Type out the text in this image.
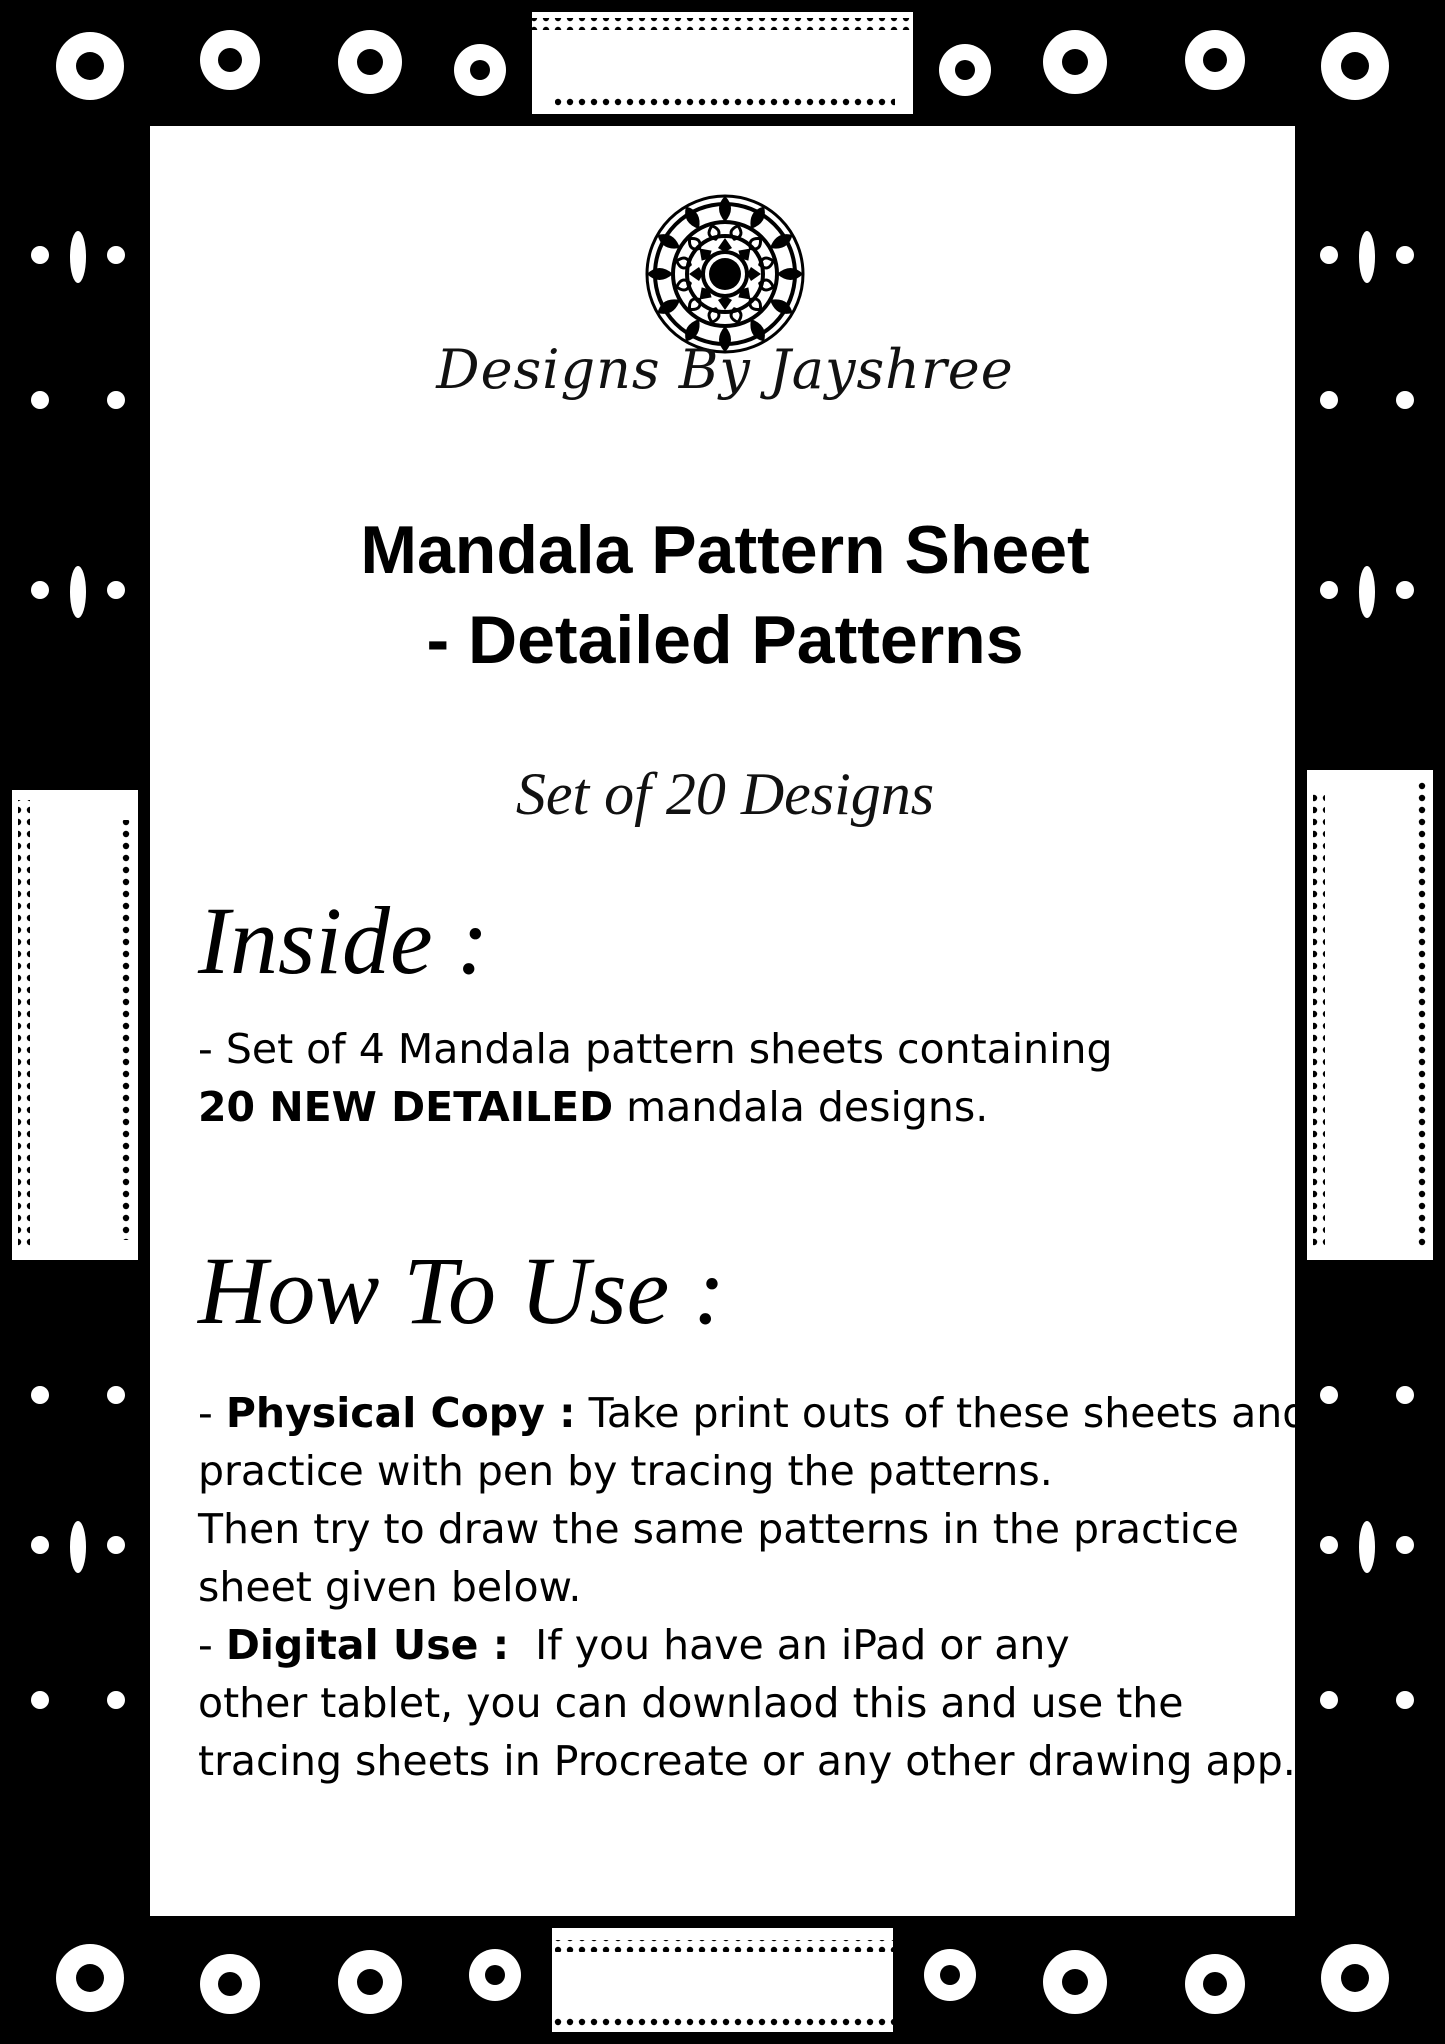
Designs By Jayshree
Mandala Pattern Sheet
- Detailed Patterns
Set of 20 Designs
Inside :
- Set of 4 Mandala pattern sheets containing
20 NEW DETAILED mandala designs.
How To Use :
- Physical Copy : Take print outs of these sheets and
practice with pen by tracing the patterns.
Then try to draw the same patterns in the practice
sheet given below.
- Digital Use :  If you have an iPad or any
other tablet, you can downlaod this and use the
tracing sheets in Procreate or any other drawing app.
